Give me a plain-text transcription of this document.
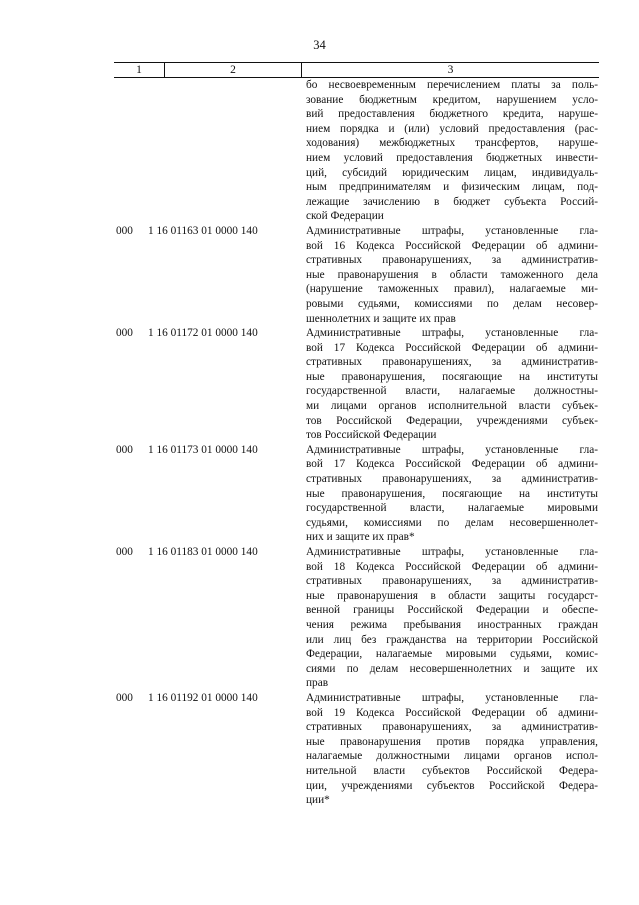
34
1	2	3
бо несвоевременным перечислением платы за поль-
зование бюджетным кредитом, нарушением усло-
вий предоставления бюджетного кредита, наруше-
нием порядка и (или) условий предоставления (рас-
ходования) межбюджетных трансфертов, наруше-
нием условий предоставления бюджетных инвести-
ций, субсидий юридическим лицам, индивидуаль-
ным предпринимателям и физическим лицам, под-
лежащие зачислению в бюджет субъекта Россий-
ской Федерации
000	1 16 01163 01 0000 140	Административные штрафы, установленные гла-
вой 16 Кодекса Российской Федерации об админи-
стративных правонарушениях, за административ-
ные правонарушения в области таможенного дела
(нарушение таможенных правил), налагаемые ми-
ровыми судьями, комиссиями по делам несовер-
шеннолетних и защите их прав
000	1 16 01172 01 0000 140	Административные штрафы, установленные гла-
вой 17 Кодекса Российской Федерации об админи-
стративных правонарушениях, за административ-
ные правонарушения, посягающие на институты
государственной власти, налагаемые должностны-
ми лицами органов исполнительной власти субъек-
тов Российской Федерации, учреждениями субъек-
тов Российской Федерации
000	1 16 01173 01 0000 140	Административные штрафы, установленные гла-
вой 17 Кодекса Российской Федерации об админи-
стративных правонарушениях, за административ-
ные правонарушения, посягающие на институты
государственной власти, налагаемые мировыми
судьями, комиссиями по делам несовершеннолет-
них и защите их прав*
000	1 16 01183 01 0000 140	Административные штрафы, установленные гла-
вой 18 Кодекса Российской Федерации об админи-
стративных правонарушениях, за административ-
ные правонарушения в области защиты государст-
венной границы Российской Федерации и обеспе-
чения режима пребывания иностранных граждан
или лиц без гражданства на территории Российской
Федерации, налагаемые мировыми судьями, комис-
сиями по делам несовершеннолетних и защите их
прав
000	1 16 01192 01 0000 140	Административные штрафы, установленные гла-
вой 19 Кодекса Российской Федерации об админи-
стративных правонарушениях, за административ-
ные правонарушения против порядка управления,
налагаемые должностными лицами органов испол-
нительной власти субъектов Российской Федера-
ции, учреждениями субъектов Российской Федера-
ции*
